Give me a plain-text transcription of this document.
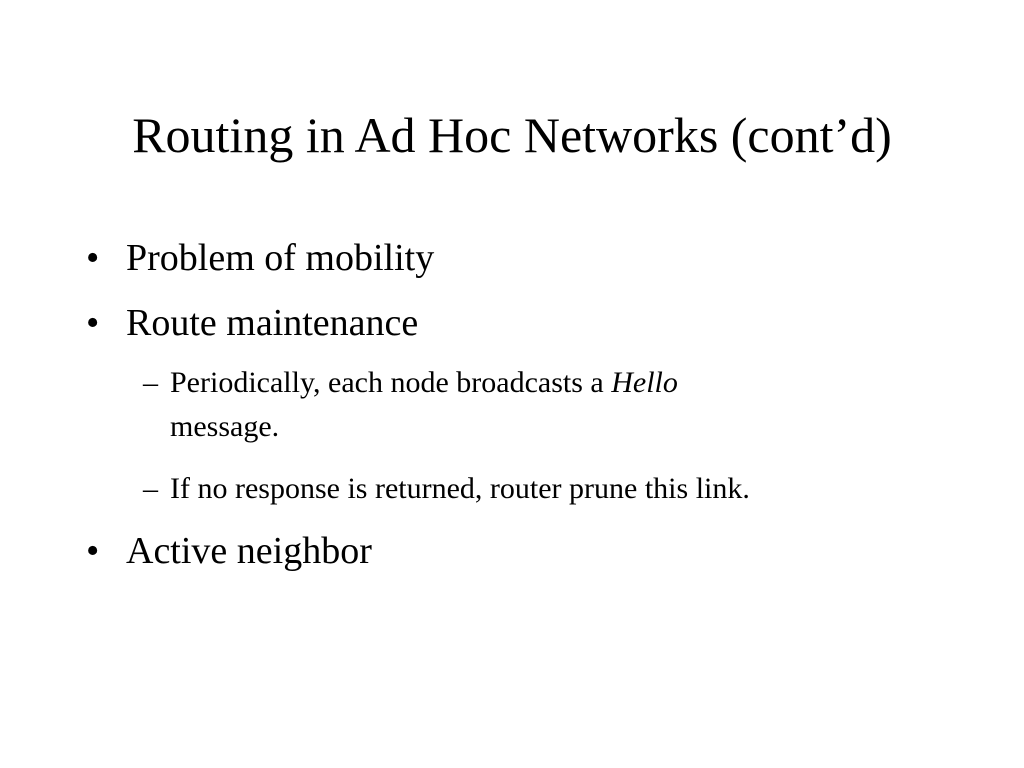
Routing in Ad Hoc Networks (cont’d)
• Problem of mobility
• Route maintenance
– Periodically, each node broadcasts a Hello
message.
– If no response is returned, router prune this link.
• Active neighbor
